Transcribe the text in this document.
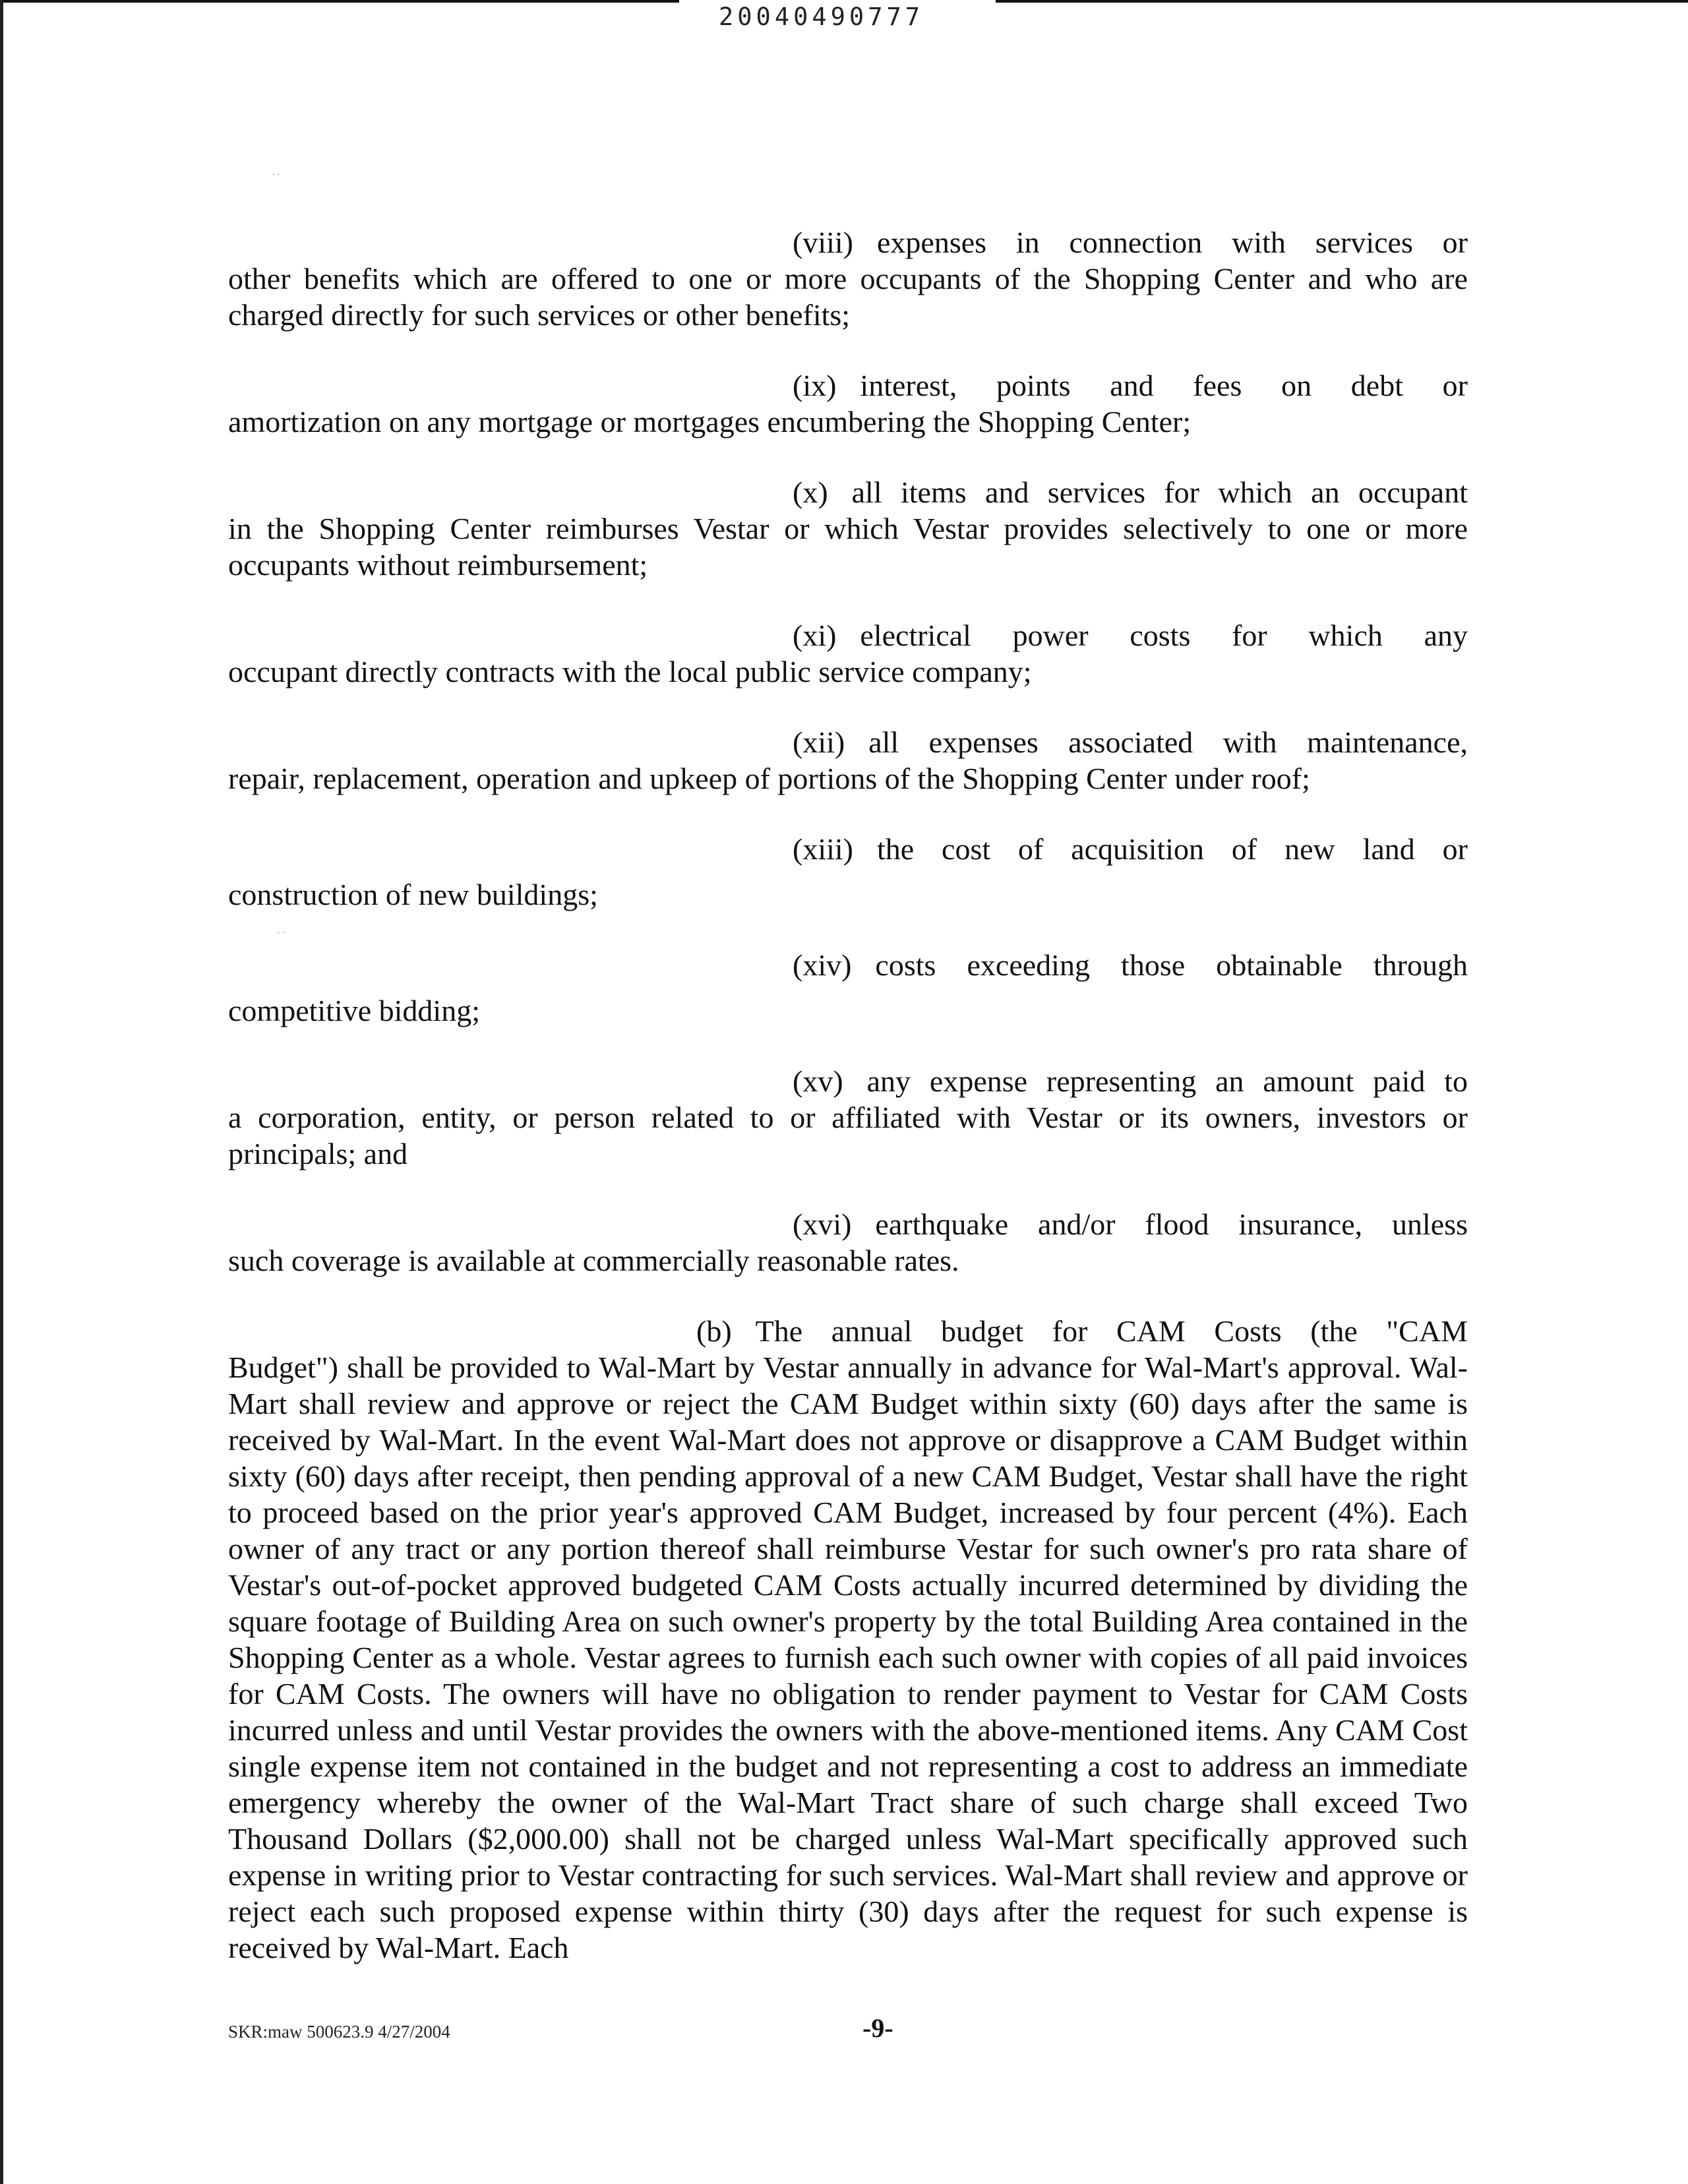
20040490777
· ·
· ·

(viii) expenses in connection with services or

other benefits which are offered to one or more occupants of the Shopping Center and who are charged directly for such services or other benefits;

(ix) interest, points and fees on debt or

amortization on any mortgage or mortgages encumbering the Shopping Center;

(x) all items and services for which an occupant

in the Shopping Center reimburses Vestar or which Vestar provides selectively to one or more occupants without reimbursement;

(xi) electrical power costs for which any

occupant directly contracts with the local public service company;

(xii) all expenses associated with maintenance,

repair, replacement, operation and upkeep of portions of the Shopping Center under roof;

(xiii) the cost of acquisition of new land or

construction of new buildings;

(xiv) costs exceeding those obtainable through

competitive bidding;

(xv) any expense representing an amount paid to

a corporation, entity, or person related to or affiliated with Vestar or its owners, investors or principals; and

(xvi) earthquake and/or flood insurance, unless

such coverage is available at commercially reasonable rates.

(b) The annual budget for CAM Costs (the "CAM

Budget") shall be provided to Wal-Mart by Vestar annually in advance for Wal-Mart's approval. Wal-Mart shall review and approve or reject the CAM Budget within sixty (60) days after the same is received by Wal-Mart. In the event Wal-Mart does not approve or disapprove a CAM Budget within sixty (60) days after receipt, then pending approval of a new CAM Budget, Vestar shall have the right to proceed based on the prior year's approved CAM Budget, increased by four percent (4%). Each owner of any tract or any portion thereof shall reimburse Vestar for such owner's pro rata share of Vestar's out-of-pocket approved budgeted CAM Costs actually incurred determined by dividing the square footage of Building Area on such owner's property by the total Building Area contained in the Shopping Center as a whole. Vestar agrees to furnish each such owner with copies of all paid invoices for CAM Costs. The owners will have no obligation to render payment to Vestar for CAM Costs incurred unless and until Vestar provides the owners with the above-mentioned items. Any CAM Cost single expense item not contained in the budget and not representing a cost to address an immediate emergency whereby the owner of the Wal-Mart Tract share of such charge shall exceed Two Thousand Dollars ($2,000.00) shall not be charged unless Wal-Mart specifically approved such expense in writing prior to Vestar contracting for such services. Wal-Mart shall review and approve or reject each such proposed expense within thirty (30) days after the request for such expense is received by Wal-Mart. Each

SKR:maw 500623.9 4/27/2004	-9-
